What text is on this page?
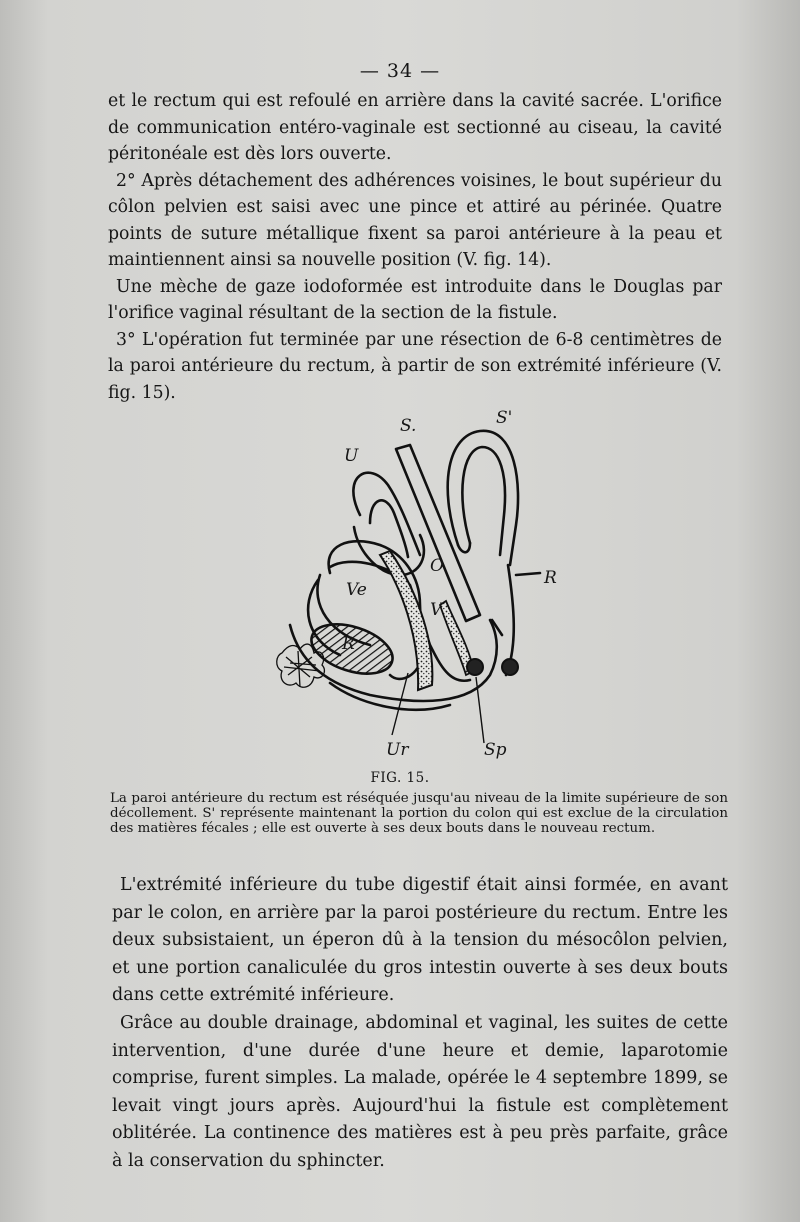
— 34 —

et le rectum qui est refoulé en arrière dans la cavité sacrée. L'orifice de communication entéro-vaginale est sectionné au ciseau, la cavité péritonéale est dès lors ouverte.

2° Après détachement des adhérences voisines, le bout supérieur du côlon pelvien est saisi avec une pince et attiré au périnée. Quatre points de suture métallique fixent sa paroi antérieure à la peau et maintiennent ainsi sa nouvelle position (V. fig. 14).

Une mèche de gaze iodoformée est introduite dans le Douglas par l'orifice vaginal résultant de la section de la fistule.

3° L'opération fut terminée par une résection de 6-8 centimètres de la paroi antérieure du rectum, à partir de son extrémité inférieure (V. fig. 15).

S.	S'
U
R
Ve
O
V
R
Ur	Sp
FIG. 15.

La paroi antérieure du rectum est réséquée jusqu'au niveau de la limite supérieure de son décollement. S' représente maintenant la portion du colon qui est exclue de la circulation des matières fécales ; elle est ouverte à ses deux bouts dans le nouveau rectum.

L'extrémité inférieure du tube digestif était ainsi formée, en avant par le colon, en arrière par la paroi postérieure du rectum. Entre les deux subsistaient, un éperon dû à la tension du mésocôlon pelvien, et une portion canaliculée du gros intestin ouverte à ses deux bouts dans cette extrémité inférieure.

Grâce au double drainage, abdominal et vaginal, les suites de cette intervention, d'une durée d'une heure et demie, laparotomie comprise, furent simples. La malade, opérée le 4 septembre 1899, se levait vingt jours après. Aujourd'hui la fistule est complètement oblitérée. La continence des matières est à peu près parfaite, grâce à la conservation du sphincter.
